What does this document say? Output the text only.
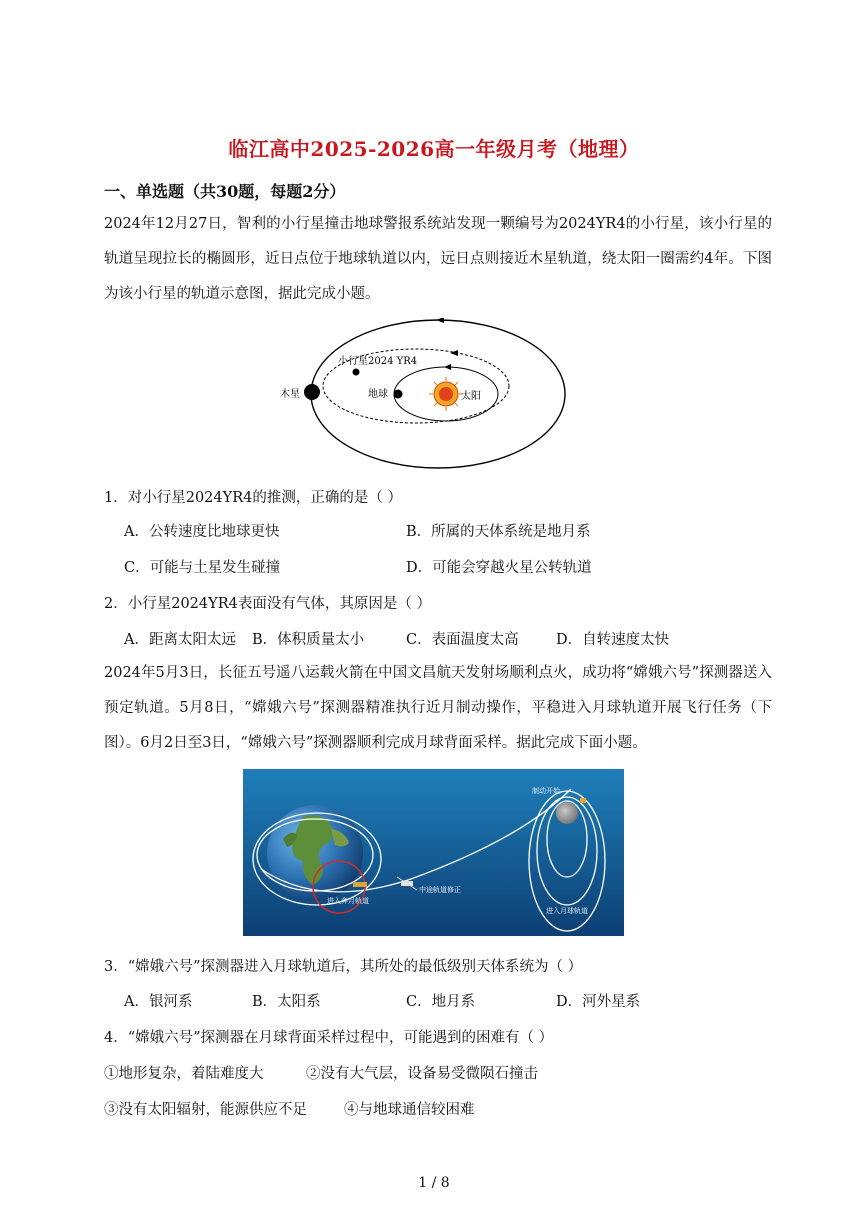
临江高中2025-2026高一年级月考（地理）
一、单选题（共30题，每题2分）
2024年12月27日，智利的小行星撞击地球警报系统站发现一颗编号为2024YR4的小行星，该小行星的轨道呈现拉长的椭圆形，近日点位于地球轨道以内，远日点则接近木星轨道，绕太阳一圈需约4年。下图为该小行星的轨道示意图，据此完成小题。
小行星2024 YR4
木星	地球	太阳
1．对小行星2024YR4的推测，正确的是（ ）
A．公转速度比地球更快	B．所属的天体系统是地月系
C．可能与土星发生碰撞	D．可能会穿越火星公转轨道
2．小行星2024YR4表面没有气体，其原因是（ ）
A．距离太阳太远 B．体积质量太小	C．表面温度太高	D．自转速度太快
2024年5月3日，长征五号遥八运载火箭在中国文昌航天发射场顺利点火，成功将“嫦娥六号”探测器送入预定轨道。5月8日，“嫦娥六号”探测器精准执行近月制动操作，平稳进入月球轨道开展飞行任务（下图）。6月2日至3日，“嫦娥六号”探测器顺利完成月球背面采样。据此完成下面小题。
制动开始
中途轨道修正
进入奔月轨道
进入月球轨道
3．“嫦娥六号”探测器进入月球轨道后，其所处的最低级别天体系统为（ ）
A．银河系	B．太阳系	C．地月系	D．河外星系
4．“嫦娥六号”探测器在月球背面采样过程中，可能遇到的困难有（ ）
①地形复杂，着陆难度大	②没有大气层，设备易受微陨石撞击
③没有太阳辐射，能源供应不足	④与地球通信较困难
1 / 8
